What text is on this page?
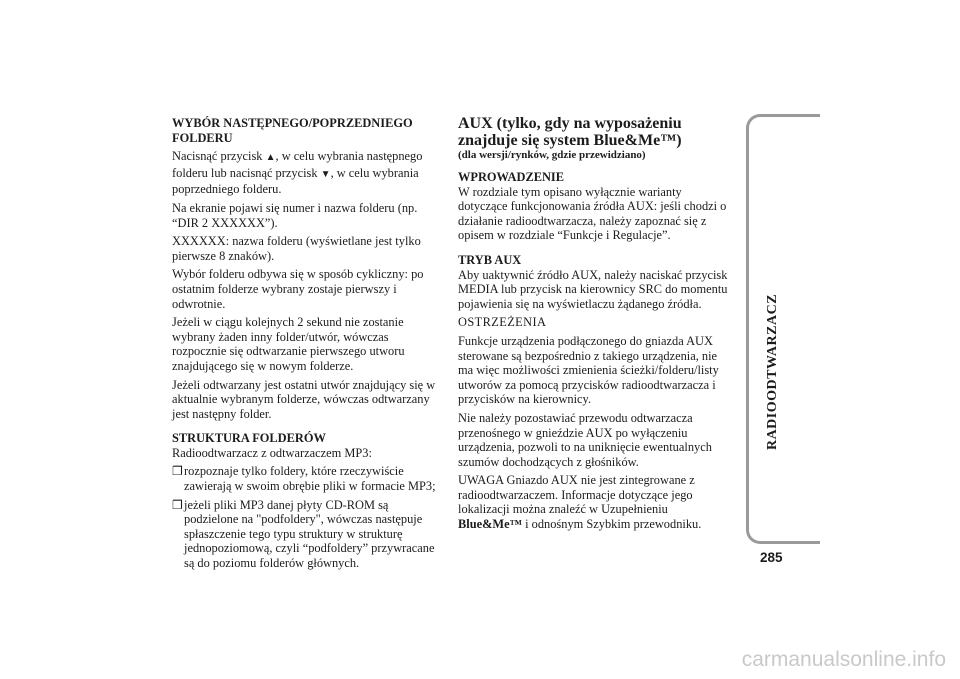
WYBÓR NASTĘPNEGO/POPRZEDNIEGO FOLDERU
Nacisnąć przycisk ▲, w celu wybrania następnego folderu lub nacisnąć przycisk ▼, w celu wybrania poprzedniego folderu.
Na ekranie pojawi się numer i nazwa folderu (np. “DIR 2 XXXXXX”).
XXXXXX: nazwa folderu (wyświetlane jest tylko pierwsze 8 znaków).
Wybór folderu odbywa się w sposób cykliczny: po ostatnim folderze wybrany zostaje pierwszy i odwrotnie.
Jeżeli w ciągu kolejnych 2 sekund nie zostanie wybrany żaden inny folder/utwór, wówczas rozpocznie się odtwarzanie pierwszego utworu znajdującego się w nowym folderze.
Jeżeli odtwarzany jest ostatni utwór znajdujący się w aktualnie wybranym folderze, wówczas odtwarzany jest następny folder.
STRUKTURA FOLDERÓW
Radioodtwarzacz z odtwarzaczem MP3:
❒ rozpoznaje tylko foldery, które rzeczywiście zawierają w swoim obrębie pliki w formacie MP3;
❒ jeżeli pliki MP3 danej płyty CD-ROM są podzielone na "podfoldery", wówczas następuje spłaszczenie tego typu struktury w strukturę jednopoziomową, czyli “podfoldery” przywracane są do poziomu folderów głównych.
AUX (tylko, gdy na wyposażeniu znajduje się system Blue&Me™)
(dla wersji/rynków, gdzie przewidziano)
WPROWADZENIE
W rozdziale tym opisano wyłącznie warianty dotyczące funkcjonowania źródła AUX: jeśli chodzi o działanie radioodtwarzacza, należy zapoznać się z opisem w rozdziale “Funkcje i Regulacje”.
TRYB AUX
Aby uaktywnić źródło AUX, należy naciskać przycisk MEDIA lub przycisk na kierownicy SRC do momentu pojawienia się na wyświetlaczu żądanego źródła.
OSTRZEŻENIA
Funkcje urządzenia podłączonego do gniazda AUX sterowane są bezpośrednio z takiego urządzenia, nie ma więc możliwości zmienienia ścieżki/folderu/listy utworów za pomocą przycisków radioodtwarzacza i przycisków na kierownicy.
Nie należy pozostawiać przewodu odtwarzacza przenośnego w gnieździe AUX po wyłączeniu urządzenia, pozwoli to na uniknięcie ewentualnych szumów dochodzących z głośników.
UWAGA Gniazdo AUX nie jest zintegrowane z radioodtwarzaczem. Informacje dotyczące jego lokalizacji można znaleźć w Uzupełnieniu Blue&Me™ i odnośnym Szybkim przewodniku.
RADIOODTWARZACZ
285
carmanualsonline.info
